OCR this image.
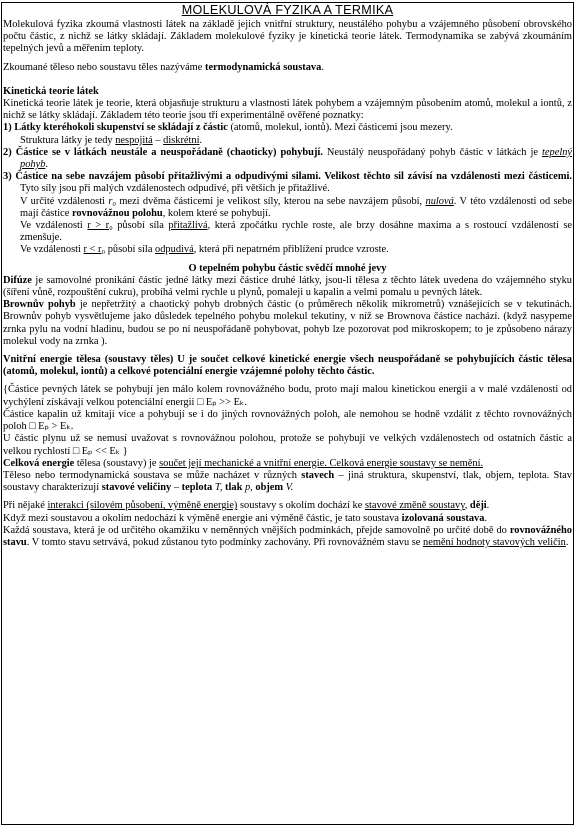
MOLEKULOVÁ FYZIKA A TERMIKA

Molekulová fyzika zkoumá vlastnosti látek na základě jejich vnitřní struktury, neustálého pohybu a vzájemného působení obrovského počtu částic, z nichž se látky skládají. Základem molekulové fyziky je kinetická teorie látek. Termodynamika se zabývá zkoumáním tepelných jevů a měřením teploty.

Zkoumané těleso nebo soustavu těles nazýváme termodynamická soustava.

Kinetická teorie látek

Kinetická teorie látek je teorie, která objasňuje strukturu a vlastnosti látek pohybem a vzájemným působením atomů, molekul a iontů, z nichž se látky skládají. Základem této teorie jsou tři experimentálně ověřené poznatky:

1) Látky kteréhokoli skupenství se skládají z částic (atomů, molekul, iontů). Mezi částicemi jsou mezery.

Struktura látky je tedy nespojitá – diskrétní.

2) Částice se v látkách neustále a neuspořádaně (chaoticky) pohybují. Neustálý neuspořádaný pohyb částic v látkách je tepelný pohyb.

3) Částice na sebe navzájem působí přitažlivými a odpudivými silami. Velikost těchto sil závisí na vzdálenosti mezi částicemi. Tyto síly jsou při malých vzdálenostech odpudivé, při větších je přitažlivé.

V určité vzdálenosti r₀ mezi dvěma částicemi je velikost síly, kterou na sebe navzájem působí, nulová. V této vzdálenosti od sebe mají částice rovnovážnou polohu, kolem které se pohybují.

Ve vzdálenosti r > r₀ působí síla přitažlivá, která zpočátku rychle roste, ale brzy dosáhne maxima a s rostoucí vzdáleností se zmenšuje.

Ve vzdálenosti r < r₀ působí síla odpudivá, která při nepatrném přiblížení prudce vzroste.

O tepelném pohybu částic svědčí mnohé jevy

Difúze je samovolné pronikání částic jedné látky mezi částice druhé látky, jsou-li tělesa z těchto látek uvedena do vzájemného styku (šíření vůně, rozpouštění cukru), probíhá velmi rychle u plynů, pomaleji u kapalin a velmi pomalu u pevných látek.

Brownův pohyb je nepřetržitý a chaotický pohyb drobných částic (o průměrech několik mikrometrů) vznášejících se v tekutinách. Brownův pohyb vysvětlujeme jako důsledek tepelného pohybu molekul tekutiny, v níž se Brownova částice nachází. (když nasypeme zrnka pylu na vodní hladinu, budou se po ní neuspořádaně pohybovat, pohyb lze pozorovat pod mikroskopem; to je způsobeno nárazy molekul vody na zrnka ).

Vnitřní energie tělesa (soustavy těles) U je součet celkové kinetické energie všech neuspořádaně se pohybujících částic tělesa (atomů, molekul, iontů) a celkové potenciální energie vzájemné polohy těchto částic.

{Částice pevných látek se pohybují jen málo kolem rovnovážného bodu, proto mají malou kinetickou energii a v malé vzdálenosti od vychýlení získávají velkou potenciální energii □ Eₚ >> Eₖ.

Částice kapalin už kmitají více a pohybují se i do jiných rovnovážných poloh, ale nemohou se hodně vzdálit z těchto rovnovážných poloh □ Eₚ > Eₖ.

U částic plynu už se nemusí uvažovat s rovnovážnou polohou, protože se pohybují ve velkých vzdálenostech od ostatních částic a velkou rychlostí □ Eₚ << Eₖ }

Celková energie tělesa (soustavy) je součet její mechanické a vnitřní energie. Celková energie soustavy se nemění.

Těleso nebo termodynamická soustava se může nacházet v různých stavech – jiná struktura, skupenství, tlak, objem, teplota. Stav soustavy charakterizují stavové veličiny – teplota T, tlak p, objem V.

Při nějaké interakci (silovém působení, výměně energie) soustavy s okolím dochází ke stavové změně soustavy, ději.

Když mezi soustavou a okolím nedochází k výměně energie ani výměně částic, je tato soustava izolovaná soustava.

Každá soustava, která je od určitého okamžiku v neměnných vnějších podmínkách, přejde samovolně po určité době do rovnovážného stavu. V tomto stavu setrvává, pokud zůstanou tyto podmínky zachovány. Při rovnovážném stavu se nemění hodnoty stavových veličin.
